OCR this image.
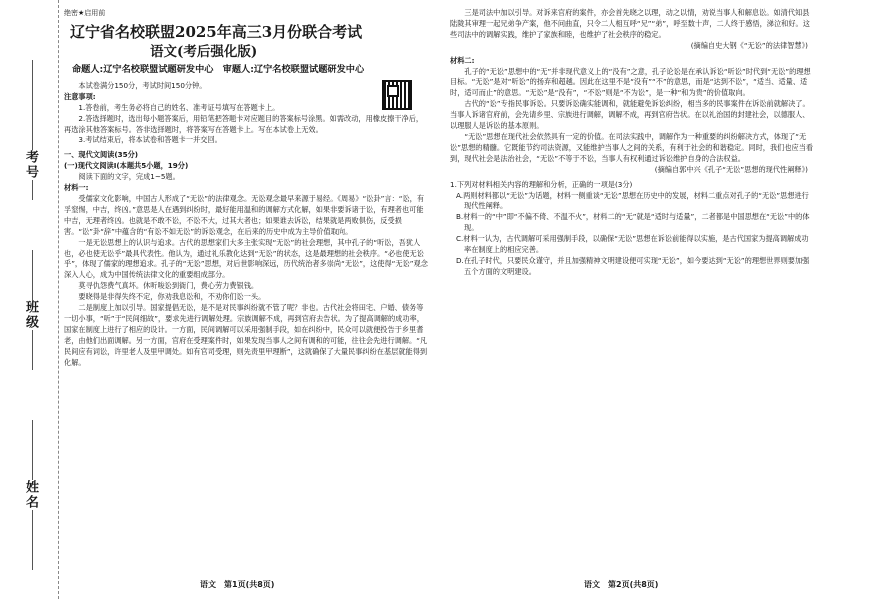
考号
班级
姓名
绝密★启用前
辽宁省名校联盟2025年高三3月份联合考试
语文(考后强化版)
命题人:辽宁名校联盟试题研发中心　审题人:辽宁名校联盟试题研发中心

本试卷满分150分，考试时间150分钟。

注意事项:

1.答卷前，考生务必将自己的姓名、准考证号填写在答题卡上。

2.答选择题时，选出每小题答案后，用铅笔把答题卡对应题目的答案标号涂黑。如需改动，用橡皮擦干净后，再选涂其他答案标号。答非选择题时，将答案写在答题卡上。写在本试卷上无效。

3.考试结束后，将本试卷和答题卡一并交回。

一、现代文阅读(35分)

(一)现代文阅读Ⅰ(本题共5小题，19分)

阅读下面的文字，完成1~5题。

材料一:

受儒家文化影响，中国古人形成了“无讼”的法律观念。无讼观念最早来源于易经。《周易》“讼卦”言：“讼，有孚窒惕，中吉，终凶。”意思是人在遇到纠纷时，最好能用温和的调解方式化解，如果非要诉诸于讼，有理者也可能中吉，无理者终凶。也就是不敢不讼，不讼不大，过其大者也；如果谁去诉讼，结果就是两败俱伤，反受损害。“讼”卦“辞”中蕴含的“有讼不如无讼”的诉讼观念，在后来的历史中成为主导价值取向。

一是无讼思想上的认识与追求。古代的思想家们大多主张实现“无讼”的社会理想，其中孔子的“听讼，吾犹人也，必也使无讼乎”最具代表性。他认为，通过礼乐教化达到“无讼”的状态，这是最理想的社会秩序。“必也使无讼乎”，体现了儒家的理想追求。孔子的“无讼”思想，对后世影响深远，历代统治者多崇尚“无讼”，这使得“无讼”观念深入人心，成为中国传统法律文化的重要组成部分。

莫寻仇怨费气真坏。休听唆讼到衙门，费心劳力费银钱。

要晓得是非得失终不定，你劝我息讼和，不劝你们讼一头。

二是制度上加以引导。国家提倡无讼，是不是对民事纠纷就不管了呢？非也。古代社会将田宅、户婚、债务等一切小事，“听”于“民间细故”，要求先进行调解处理。宗族调解不成，再到官府去告状。为了提高调解的成功率，国家在制度上进行了相应的设计。一方面，民间调解可以采用强制手段，如在纠纷中，民众可以就便投告于乡里耆老，由他们出面调解。另一方面，官府在受理案件时，如果发现当事人之间有调和的可能，往往会先进行调解。“凡民间应有词讼，许里老人及里甲调处。如有官司受理，则先责里甲理断”，这就确保了大量民事纠纷在基层就能得到化解。

三是司法中加以引导。对诉来官府的案件，亦会首先晓之以理，动之以情，劝说当事人和解息讼。如清代知县陆陇其审理一起兄弟争产案，他不问曲直，只令二人相互呼“兄”“弟”，呼至数十声，二人终于感悟，涕泣和好。这些司法中的调解实践，维护了家族和睦，也维护了社会秩序的稳定。

(摘编自史大钢《“无讼”的法律智慧》)

材料二:

孔子的“无讼”思想中的“无”并非现代意义上的“没有”之意，孔子论讼是在承认诉讼“听讼”时代到“无讼”的理想目标。“无讼”是对“听讼”的扬弃和超越。因此在这里不是“没有”“不”的意思，而是“达到不讼”，“适当、适量、适时，适可而止”的意思。“无讼”是“没有”，“不讼”则是“不为讼”，是一种“和为贵”的价值取向。

古代的“讼”专指民事诉讼。只要诉讼确实能调和，就能避免诉讼纠纷，相当多的民事案件在诉讼前就解决了。当事人诉诸官府前，会先请乡里、宗族进行调解，调解不成，再到官府告状。在以礼治国的封建社会，以德服人、以理服人是诉讼的基本原则。

“无讼”思想在现代社会依然具有一定的价值。在司法实践中，调解作为一种重要的纠纷解决方式，体现了“无讼”思想的精髓。它既能节约司法资源，又能维护当事人之间的关系，有利于社会的和谐稳定。同时，我们也应当看到，现代社会是法治社会，“无讼”不等于不讼，当事人有权利通过诉讼维护自身的合法权益。

(摘编自郭中兴《孔子“无讼”思想的现代性阐释》)

1.下列对材料相关内容的理解和分析，正确的一项是(3分)

A.两则材料都以“无讼”为话题，材料一侧重谈“无讼”思想在历史中的发展，材料二重点对孔子的“无讼”思想进行现代性阐释。

B.材料一的“中”即“不偏不倚、不温不火”，材料二的“无”就是“适时与适量”，二者都是中国思想在“无讼”中的体现。

C.材料一认为，古代调解可采用强制手段，以确保“无讼”思想在诉讼前能得以实施，是古代国家为提高调解成功率在制度上的相应完善。

D.在孔子时代，只要民众谨守，并且加强精神文明建设便可实现“无讼”，如今要达到“无讼”的理想世界则要加强五个方面的文明建设。

语文　第1页(共8页)	语文　第2页(共8页)
